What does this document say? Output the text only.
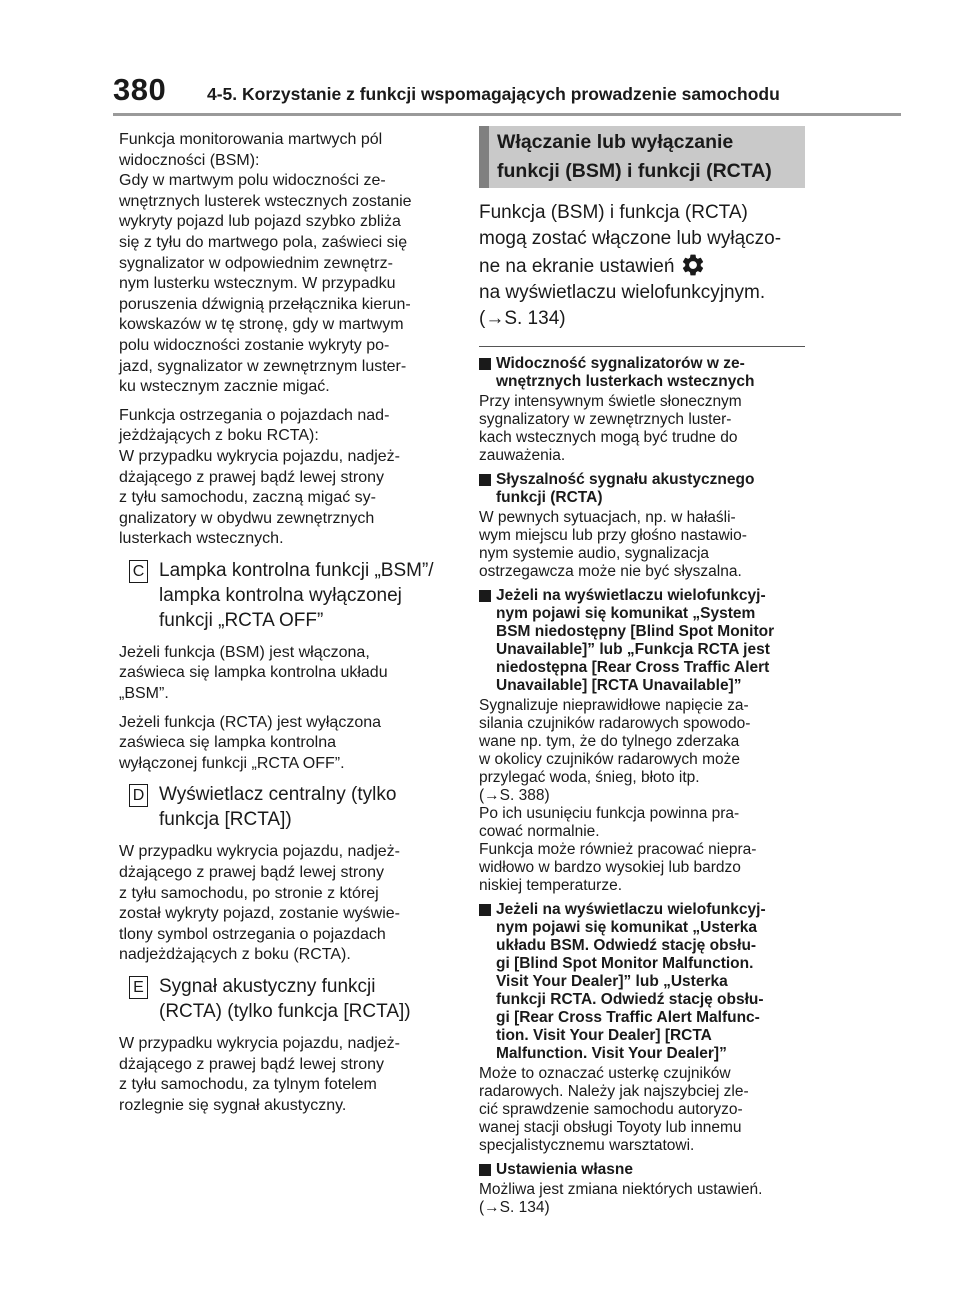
380 4-5. Korzystanie z funkcji wspomagających prowadzenie samochodu
Funkcja monitorowania martwych pól
widoczności (BSM):
Gdy w martwym polu widoczności ze-
wnętrznych lusterek wstecznych zostanie
wykryty pojazd lub pojazd szybko zbliża
się z tyłu do martwego pola, zaświeci się
sygnalizator w odpowiednim zewnętrz-
nym lusterku wstecznym. W przypadku
poruszenia dźwignią przełącznika kierun-
kowskazów w tę stronę, gdy w martwym
polu widoczności zostanie wykryty po-
jazd, sygnalizator w zewnętrznym luster-
ku wstecznym zacznie migać.
Funkcja ostrzegania o pojazdach nad-
jeżdżających z boku RCTA):
W przypadku wykrycia pojazdu, nadjeż-
dżającego z prawej bądź lewej strony
z tyłu samochodu, zaczną migać sy-
gnalizatory w obydwu zewnętrznych
lusterkach wstecznych.
C Lampka kontrolna funkcji „BSM”/
lampka kontrolna wyłączonej
funkcji „RCTA OFF”
Jeżeli funkcja (BSM) jest włączona,
zaświeca się lampka kontrolna układu
„BSM”.
Jeżeli funkcja (RCTA) jest wyłączona
zaświeca się lampka kontrolna
wyłączonej funkcji „RCTA OFF”.
D Wyświetlacz centralny (tylko
funkcja [RCTA])
W przypadku wykrycia pojazdu, nadjeż-
dżającego z prawej bądź lewej strony
z tyłu samochodu, po stronie z której
został wykryty pojazd, zostanie wyświe-
tlony symbol ostrzegania o pojazdach
nadjeżdżających z boku (RCTA).
E Sygnał akustyczny funkcji
(RCTA) (tylko funkcja [RCTA])
W przypadku wykrycia pojazdu, nadjeż-
dżającego z prawej bądź lewej strony
z tyłu samochodu, za tylnym fotelem
rozlegnie się sygnał akustyczny.
Włączanie lub wyłączanie
funkcji (BSM) i funkcji (RCTA)
Funkcja (BSM) i funkcja (RCTA)
mogą zostać włączone lub wyłączo-
ne na ekranie ustawień
na wyświetlaczu wielofunkcyjnym.
(→S. 134)
Widoczność sygnalizatorów w ze-
wnętrznych lusterkach wstecznych
Przy intensywnym świetle słonecznym
sygnalizatory w zewnętrznych luster-
kach wstecznych mogą być trudne do
zauważenia.
Słyszalność sygnału akustycznego
funkcji (RCTA)
W pewnych sytuacjach, np. w hałaśli-
wym miejscu lub przy głośno nastawio-
nym systemie audio, sygnalizacja
ostrzegawcza może nie być słyszalna.
Jeżeli na wyświetlaczu wielofunkcyj-
nym pojawi się komunikat „System
BSM niedostępny [Blind Spot Monitor
Unavailable]” lub „Funkcja RCTA jest
niedostępna [Rear Cross Traffic Alert
Unavailable] [RCTA Unavailable]”
Sygnalizuje nieprawidłowe napięcie za-
silania czujników radarowych spowodo-
wane np. tym, że do tylnego zderzaka
w okolicy czujników radarowych może
przylegać woda, śnieg, błoto itp.
(→S. 388)
Po ich usunięciu funkcja powinna pra-
cować normalnie.
Funkcja może również pracować niepra-
widłowo w bardzo wysokiej lub bardzo
niskiej temperaturze.
Jeżeli na wyświetlaczu wielofunkcyj-
nym pojawi się komunikat „Usterka
układu BSM. Odwiedź stację obsłu-
gi [Blind Spot Monitor Malfunction.
Visit Your Dealer]” lub „Usterka
funkcji RCTA. Odwiedź stację obsłu-
gi [Rear Cross Traffic Alert Malfunc-
tion. Visit Your Dealer] [RCTA
Malfunction. Visit Your Dealer]”
Może to oznaczać usterkę czujników
radarowych. Należy jak najszybciej zle-
cić sprawdzenie samochodu autoryzo-
wanej stacji obsługi Toyoty lub innemu
specjalistycznemu warsztatowi.
Ustawienia własne
Możliwa jest zmiana niektórych ustawień.
(→S. 134)
